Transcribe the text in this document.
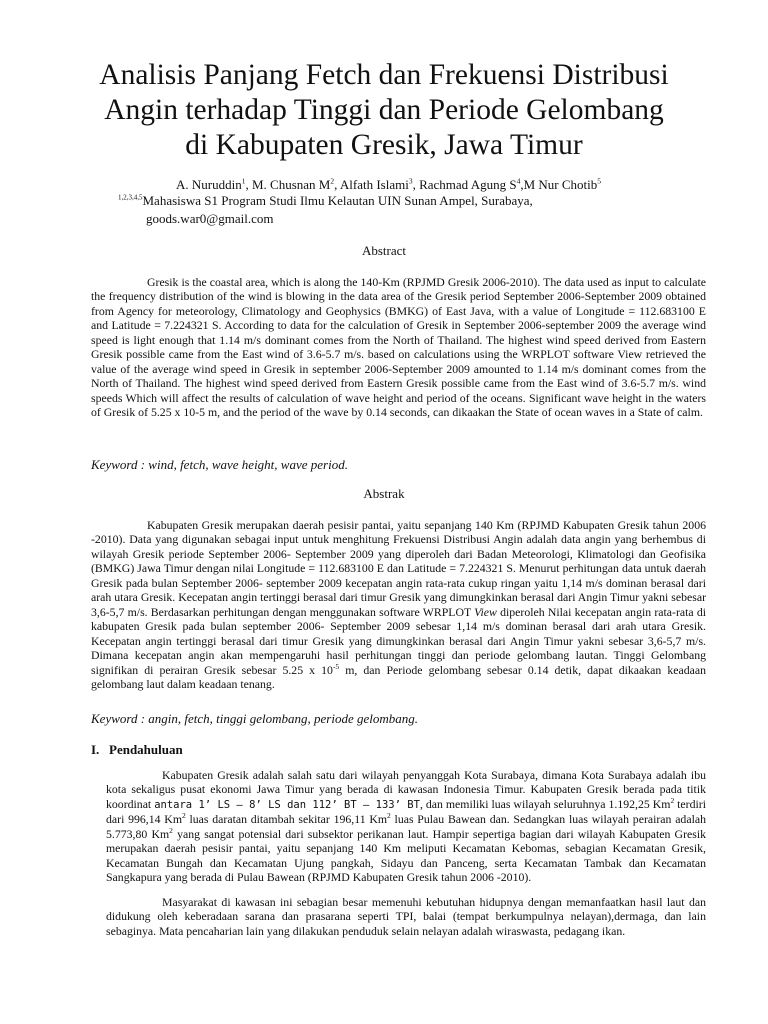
Analisis Panjang Fetch dan Frekuensi Distribusi
Angin terhadap Tinggi dan Periode Gelombang
di Kabupaten Gresik, Jawa Timur
A. Nuruddin$^1$, M. Chusnan $M^2$, Alfath Islami$^3$, Rachmad Agung $S^4,M$ Nur Chotib$^5$
$^{1,2,3,4,5}$Mahasiswa S1 Program Studi Ilmu Kelautan UIN Sunan Ampel, Surabaya,
goods.war0@gmail.com
Abstract

Gresik is the coastal area, which is along the 140-Km (RPJMD Gresik 2006-2010). The data used as input to calculate the frequency distribution of the wind is blowing in the data area of the Gresik period September 2006-September 2009 obtained from Agency for meteorology, Climatology and Geophysics (BMKG) of East Java, with a value of Longitude = 112.683100 E and Latitude = 7.224321 S. According to data for the calculation of Gresik in September 2006-september 2009 the average wind speed is light enough that 1.14 m/s dominant comes from the North of Thailand. The highest wind speed derived from Eastern Gresik possible came from the East wind of 3.6-5.7 m/s. based on calculations using the WRPLOT software View retrieved the value of the average wind speed in Gresik in september 2006-September 2009 amounted to 1.14 m/s dominant comes from the North of Thailand. The highest wind speed derived from Eastern Gresik possible came from the East wind of 3.6-5.7 m/s. wind speeds Which will affect the results of calculation of wave height and period of the oceans. Significant wave height in the waters of Gresik of 5.25 x 10-5 m, and the period of the wave by 0.14 seconds, can dikaakan the State of ocean waves in a State of calm.

Keyword : wind, fetch, wave height, wave period.
Abstrak

Kabupaten Gresik merupakan daerah pesisir pantai, yaitu sepanjang 140 Km (RPJMD Kabupaten Gresik tahun 2006 -2010). Data yang digunakan sebagai input untuk menghitung Frekuensi Distribusi Angin adalah data angin yang berhembus di wilayah Gresik periode September 2006- September 2009 yang diperoleh dari Badan Meteorologi, Klimatologi dan Geofisika (BMKG) Jawa Timur dengan nilai Longitude = 112.683100 E dan Latitude = 7.224321 S. Menurut perhitungan data untuk daerah Gresik pada bulan September 2006- september 2009 kecepatan angin rata-rata cukup ringan yaitu 1,14 m/s dominan berasal dari arah utara Gresik. Kecepatan angin tertinggi berasal dari timur Gresik yang dimungkinkan berasal dari Angin Timur yakni sebesar 3,6-5,7 m/s. Berdasarkan perhitungan dengan menggunakan software WRPLOT View diperoleh Nilai kecepatan angin rata-rata di kabupaten Gresik pada bulan september 2006- September 2009 sebesar 1,14 m/s dominan berasal dari arah utara Gresik. Kecepatan angin tertinggi berasal dari timur Gresik yang dimungkinkan berasal dari Angin Timur yakni sebesar 3,6-5,7 m/s. Dimana kecepatan angin akan mempengaruhi hasil perhitungan tinggi dan periode gelombang lautan. Tinggi Gelombang signifikan di perairan Gresik sebesar 5.25 x $10^{-5}$ m, dan Periode gelombang sebesar 0.14 detik, dapat dikaakan keadaan gelombang laut dalam keadaan tenang.

Keyword : angin, fetch, tinggi gelombang, periode gelombang.
I. Pendahuluan

Kabupaten Gresik adalah salah satu dari wilayah penyanggah Kota Surabaya, dimana Kota Surabaya adalah ibu kota sekaligus pusat ekonomi Jawa Timur yang berada di kawasan Indonesia Timur. Kabupaten Gresik berada pada titik koordinat antara 1’ LS – 8’ LS dan 112’ BT – 133’ BT, dan memiliki luas wilayah seluruhnya 1.192,25 Km$^2$ terdiri dari 996,14 Km$^2$ luas daratan ditambah sekitar 196,11 Km$^2$ luas Pulau Bawean dan. Sedangkan luas wilayah perairan adalah 5.773,80 Km$^2$ yang sangat potensial dari subsektor perikanan laut. Hampir sepertiga bagian dari wilayah Kabupaten Gresik merupakan daerah pesisir pantai, yaitu sepanjang 140 Km meliputi Kecamatan Kebomas, sebagian Kecamatan Gresik, Kecamatan Bungah dan Kecamatan Ujung pangkah, Sidayu dan Panceng, serta Kecamatan Tambak dan Kecamatan Sangkapura yang berada di Pulau Bawean (RPJMD Kabupaten Gresik tahun 2006 -2010).

Masyarakat di kawasan ini sebagian besar memenuhi kebutuhan hidupnya dengan memanfaatkan hasil laut dan didukung oleh keberadaan sarana dan prasarana seperti TPI, balai (tempat berkumpulnya nelayan),dermaga, dan lain sebaginya. Mata pencaharian lain yang dilakukan penduduk selain nelayan adalah wiraswasta, pedagang ikan.
